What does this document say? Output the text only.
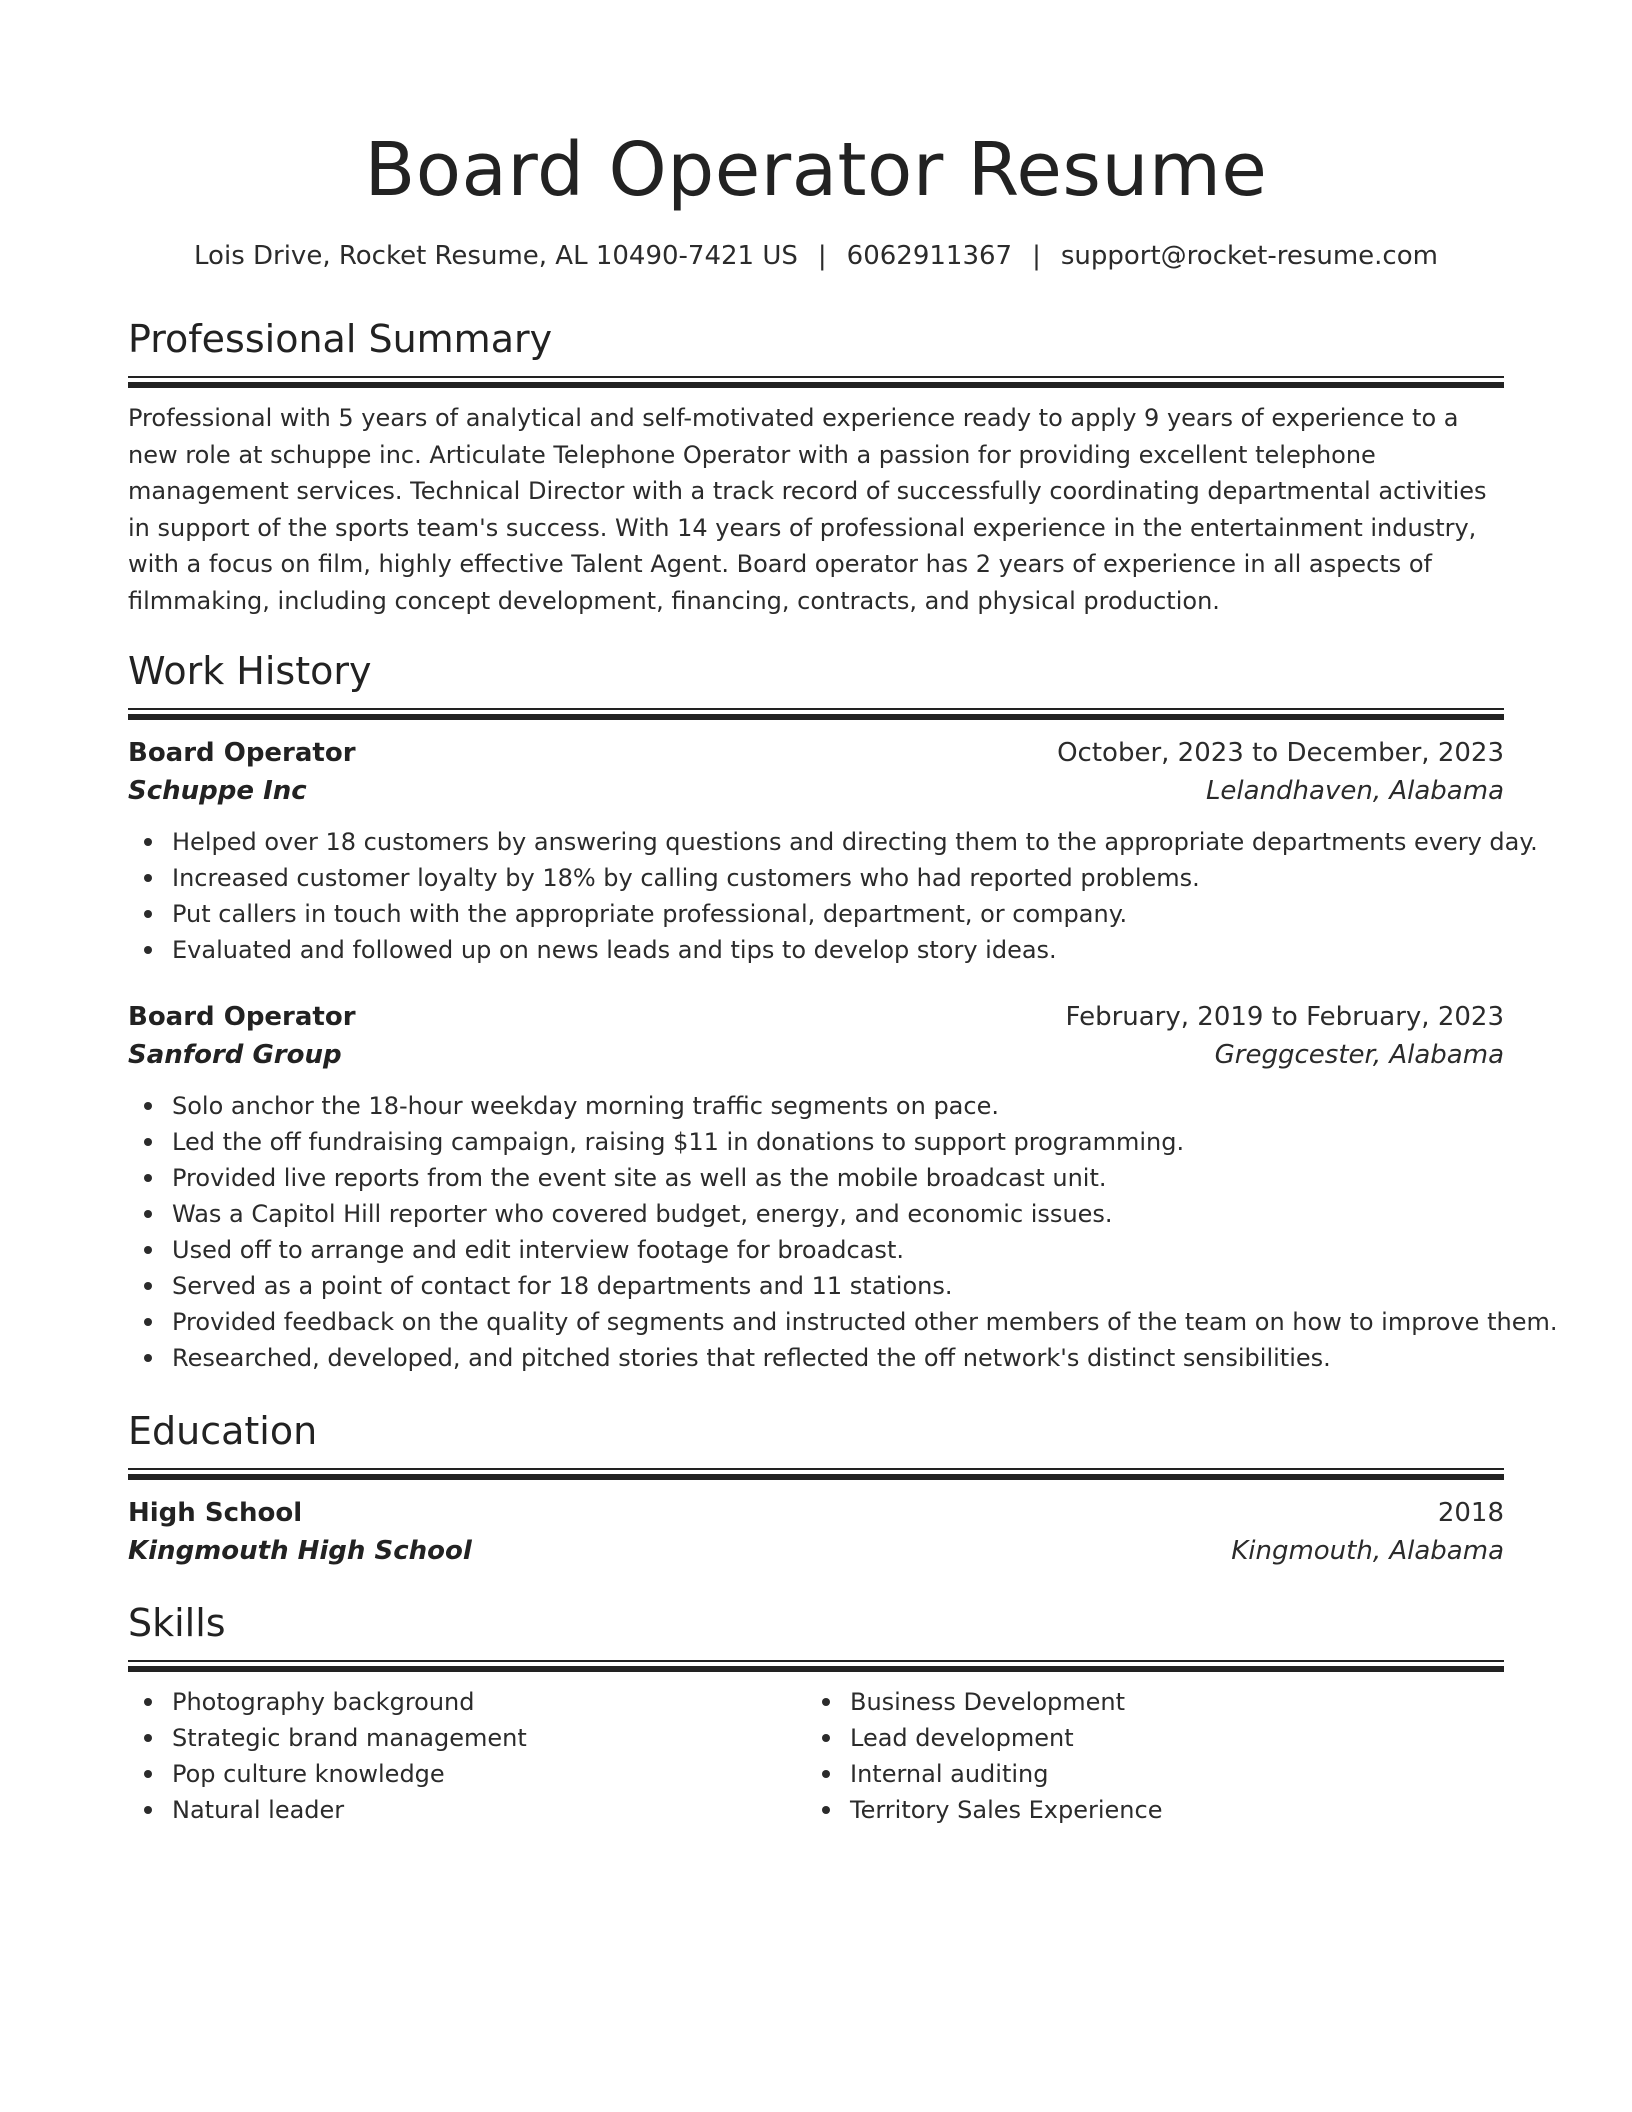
Board Operator Resume
Lois Drive, Rocket Resume, AL 10490-7421 US | 6062911367 | support@rocket-resume.com
Professional Summary
Professional with 5 years of analytical and self-motivated experience ready to apply 9 years of experience to a new role at schuppe inc. Articulate Telephone Operator with a passion for providing excellent telephone management services. Technical Director with a track record of successfully coordinating departmental activities in support of the sports team's success. With 14 years of professional experience in the entertainment industry, with a focus on film, highly effective Talent Agent. Board operator has 2 years of experience in all aspects of filmmaking, including concept development, financing, contracts, and physical production.
Work History
Board Operator	October, 2023 to December, 2023
Schuppe Inc	Lelandhaven, Alabama
Helped over 18 customers by answering questions and directing them to the appropriate departments every day.
Increased customer loyalty by 18% by calling customers who had reported problems.
Put callers in touch with the appropriate professional, department, or company.
Evaluated and followed up on news leads and tips to develop story ideas.
Board Operator	February, 2019 to February, 2023
Sanford Group	Greggcester, Alabama
Solo anchor the 18-hour weekday morning traffic segments on pace.
Led the off fundraising campaign, raising $11 in donations to support programming.
Provided live reports from the event site as well as the mobile broadcast unit.
Was a Capitol Hill reporter who covered budget, energy, and economic issues.
Used off to arrange and edit interview footage for broadcast.
Served as a point of contact for 18 departments and 11 stations.
Provided feedback on the quality of segments and instructed other members of the team on how to improve them.
Researched, developed, and pitched stories that reflected the off network's distinct sensibilities.
Education
High School	2018
Kingmouth High School	Kingmouth, Alabama
Skills
Photography background
Strategic brand management
Pop culture knowledge
Natural leader
Business Development
Lead development
Internal auditing
Territory Sales Experience
